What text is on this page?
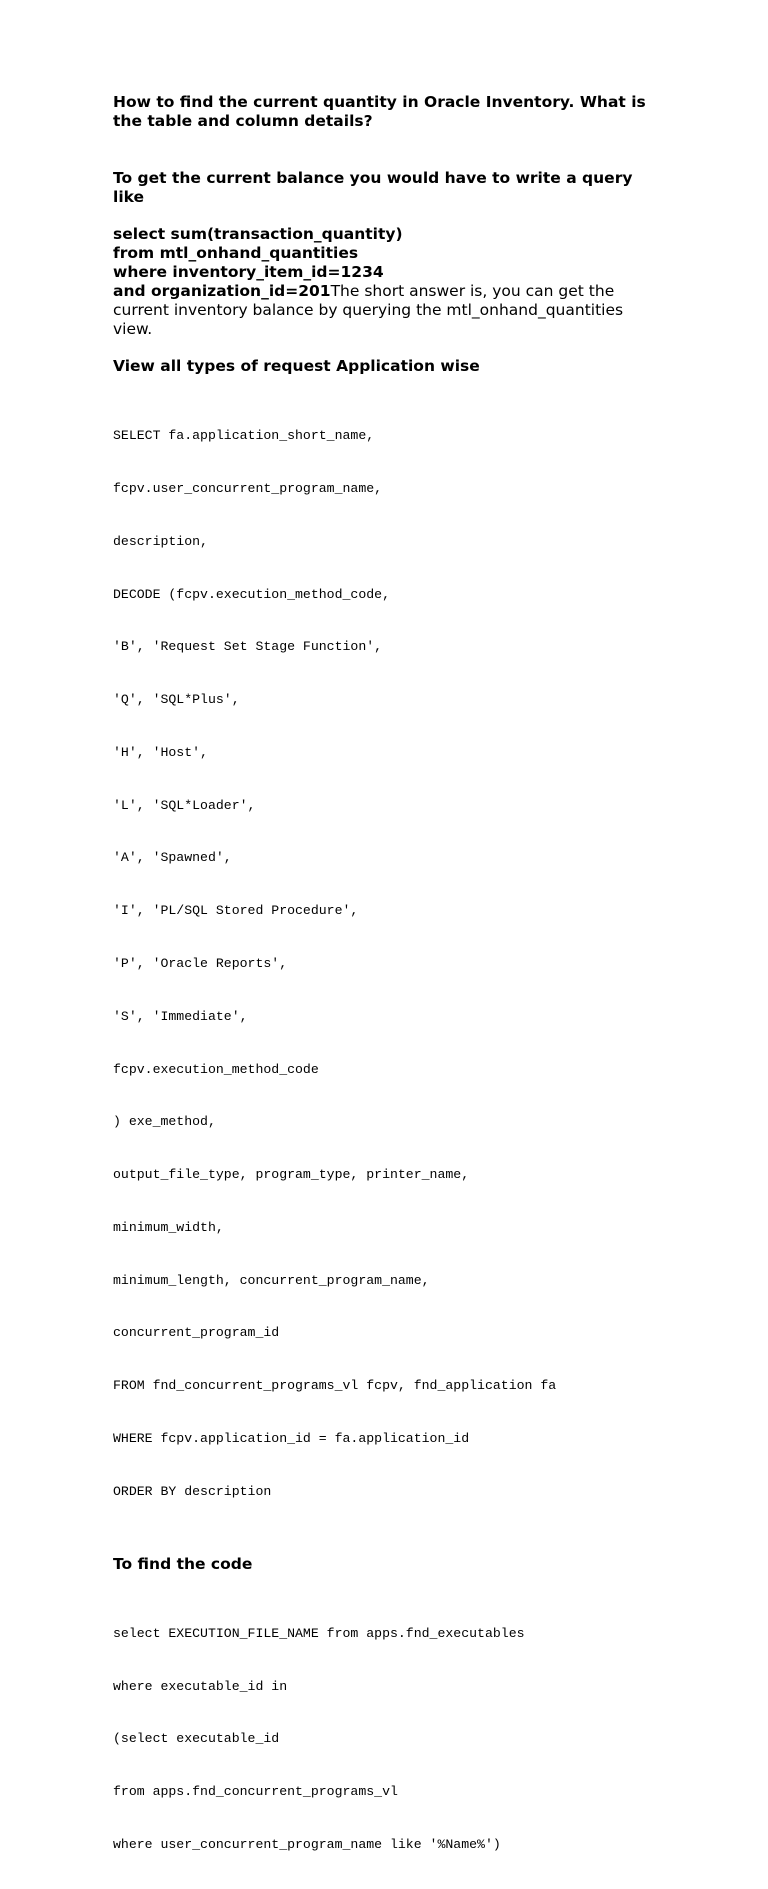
How to find the current quantity in Oracle Inventory. What is
the table and column details?
To get the current balance you would have to write a query like
select sum(transaction_quantity)
from mtl_onhand_quantities
where inventory_item_id=1234
and organization_id=201The short answer is, you can get the
current inventory balance by querying the mtl_onhand_quantities
view.
View all types of request Application wise

SELECT fa.application_short_name,

fcpv.user_concurrent_program_name,

description,

DECODE (fcpv.execution_method_code,

'B', 'Request Set Stage Function',

'Q', 'SQL*Plus',

'H', 'Host',

'L', 'SQL*Loader',

'A', 'Spawned',

'I', 'PL/SQL Stored Procedure',

'P', 'Oracle Reports',

'S', 'Immediate',

fcpv.execution_method_code

) exe_method,

output_file_type, program_type, printer_name,

minimum_width,

minimum_length, concurrent_program_name,

concurrent_program_id

FROM fnd_concurrent_programs_vl fcpv, fnd_application fa

WHERE fcpv.application_id = fa.application_id

ORDER BY description

To find the code

select EXECUTION_FILE_NAME from apps.fnd_executables

where executable_id in

(select executable_id

from apps.fnd_concurrent_programs_vl

where user_concurrent_program_name like '%Name%')
